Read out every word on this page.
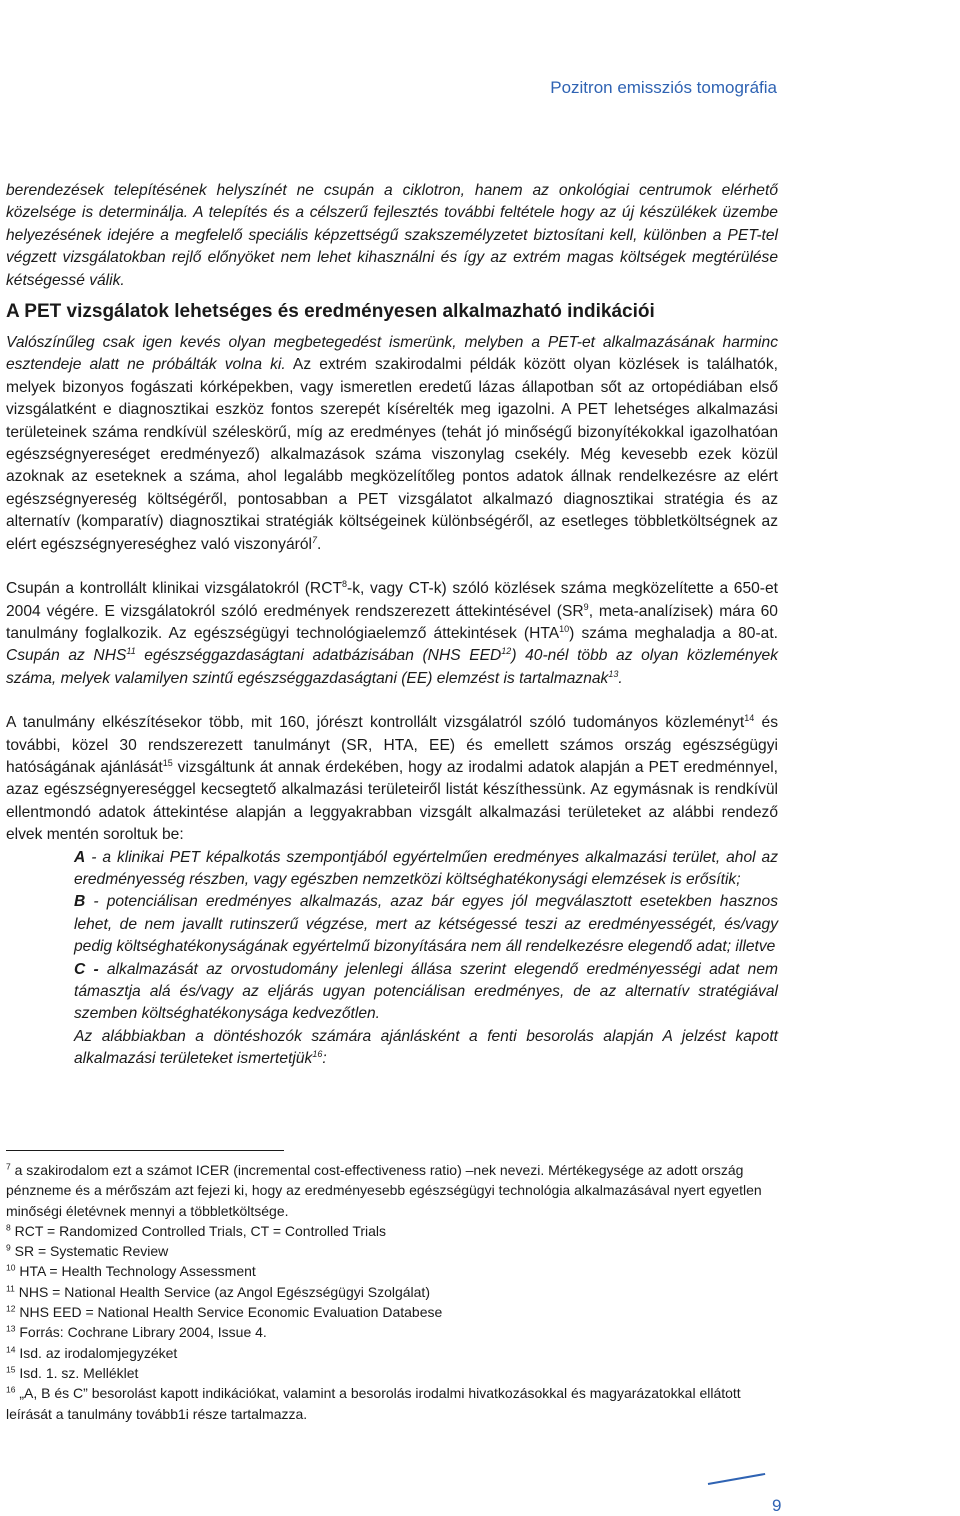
Pozitron emissziós tomográfia

berendezések telepítésének helyszínét ne csupán a ciklotron, hanem az onkológiai centrumok elérhető közelsége is determinálja. A telepítés és a célszerű fejlesztés további feltétele hogy az új készülékek üzembe helyezésének idejére a megfelelő speciális képzettségű szakszemélyzetet biztosítani kell, különben a PET-tel végzett vizsgálatokban rejlő előnyöket nem lehet kihasználni és így az extrém magas költségek megtérülése kétségessé válik.

A PET vizsgálatok lehetséges és eredményesen alkalmazható indikációi

Valószínűleg csak igen kevés olyan megbetegedést ismerünk, melyben a PET-et alkalmazásának harminc esztendeje alatt ne próbálták volna ki. Az extrém szakirodalmi példák között olyan közlések is találhatók, melyek bizonyos fogászati kórképekben, vagy ismeretlen eredetű lázas állapotban sőt az ortopédiában első vizsgálatként e diagnosztikai eszköz fontos szerepét kísérelték meg igazolni. A PET lehetséges alkalmazási területeinek száma rendkívül széleskörű, míg az eredményes (tehát jó minőségű bizonyítékokkal igazolhatóan egészségnyereséget eredményező) alkalmazások száma viszonylag csekély. Még kevesebb ezek közül azoknak az eseteknek a száma, ahol legalább megközelítőleg pontos adatok állnak rendelkezésre az elért egészségnyereség költségéről, pontosabban a PET vizsgálatot alkalmazó diagnosztikai stratégia és az alternatív (komparatív) diagnosztikai stratégiák költségeinek különbségéről, az esetleges többletköltségnek az elért egészségnyereséghez való viszonyáról$^7$.

Csupán a kontrollált klinikai vizsgálatokról (RCT$^8$-k, vagy CT-k) szóló közlések száma megközelítette a 650-et 2004 végére. E vizsgálatokról szóló eredmények rendszerezett áttekintésével ($SR^9$, meta-analízisek) mára 60 tanulmány foglalkozik. Az egészségügyi technológiaelemző áttekintések (HTA$^{10}$) száma meghaladja a 80-at. Csupán az NHS$^{11}$ egészséggazdaságtani adatbázisában (NHS EED$^{12}$) 40-nél több az olyan közlemények száma, melyek valamilyen szintű egészséggazdaságtani (EE) elemzést is tartalmaznak$^{13}$.

A tanulmány elkészítésekor több, mit 160, jórészt kontrollált vizsgálatról szóló tudományos közleményt$^{14}$ és további, közel 30 rendszerezett tanulmányt (SR, HTA, EE) és emellett számos ország egészségügyi hatóságának ajánlását$^{15}$ vizsgáltunk át annak érdekében, hogy az irodalmi adatok alapján a PET eredménnyel, azaz egészségnyereséggel kecsegtető alkalmazási területeiről listát készíthessünk. Az egymásnak is rendkívül ellentmondó adatok áttekintése alapján a leggyakrabban vizsgált alkalmazási területeket az alábbi rendező elvek mentén soroltuk be:

A - a klinikai PET képalkotás szempontjából egyértelműen eredményes alkalmazási terület, ahol az eredményesség részben, vagy egészben nemzetközi költséghatékonysági elemzések is erősítik;

B - potenciálisan eredményes alkalmazás, azaz bár egyes jól megválasztott esetekben hasznos lehet, de nem javallt rutinszerű végzése, mert az kétségessé teszi az eredményességét, és/vagy pedig költséghatékonyságának egyértelmű bizonyítására nem áll rendelkezésre elegendő adat; illetve

C - alkalmazását az orvostudomány jelenlegi állása szerint elegendő eredményességi adat nem támasztja alá és/vagy az eljárás ugyan potenciálisan eredményes, de az alternatív stratégiával szemben költséghatékonysága kedvezőtlen.

Az alábbiakban a döntéshozók számára ajánlásként a fenti besorolás alapján A jelzést kapott alkalmazási területeket ismertetjük$^{16}$:

$^7$ a szakirodalom ezt a számot ICER (incremental cost-effectiveness ratio) –nek nevezi. Mértékegysége az adott ország pénzneme és a mérőszám azt fejezi ki, hogy az eredményesebb egészségügyi technológia alkalmazásával nyert egyetlen minőségi életévnek mennyi a többletköltsége.

$^8$ RCT = Randomized Controlled Trials, CT = Controlled Trials

$^9$ SR = Systematic Review

$^{10}$ HTA = Health Technology Assessment

$^{11}$ NHS = National Health Service (az Angol Egészségügyi Szolgálat)

$^{12}$ NHS EED = National Health Service Economic Evaluation Databese

$^{13}$ Forrás: Cochrane Library 2004, Issue 4.

$^{14}$ Isd. az irodalomjegyzéket

$^{15}$ Isd. 1. sz. Melléklet

$^{16}$ „A, B és C” besorolást kapott indikációkat, valamint a besorolás irodalmi hivatkozásokkal és magyarázatokkal ellátott leírását a tanulmány tovább1i része tartalmazza.

9
